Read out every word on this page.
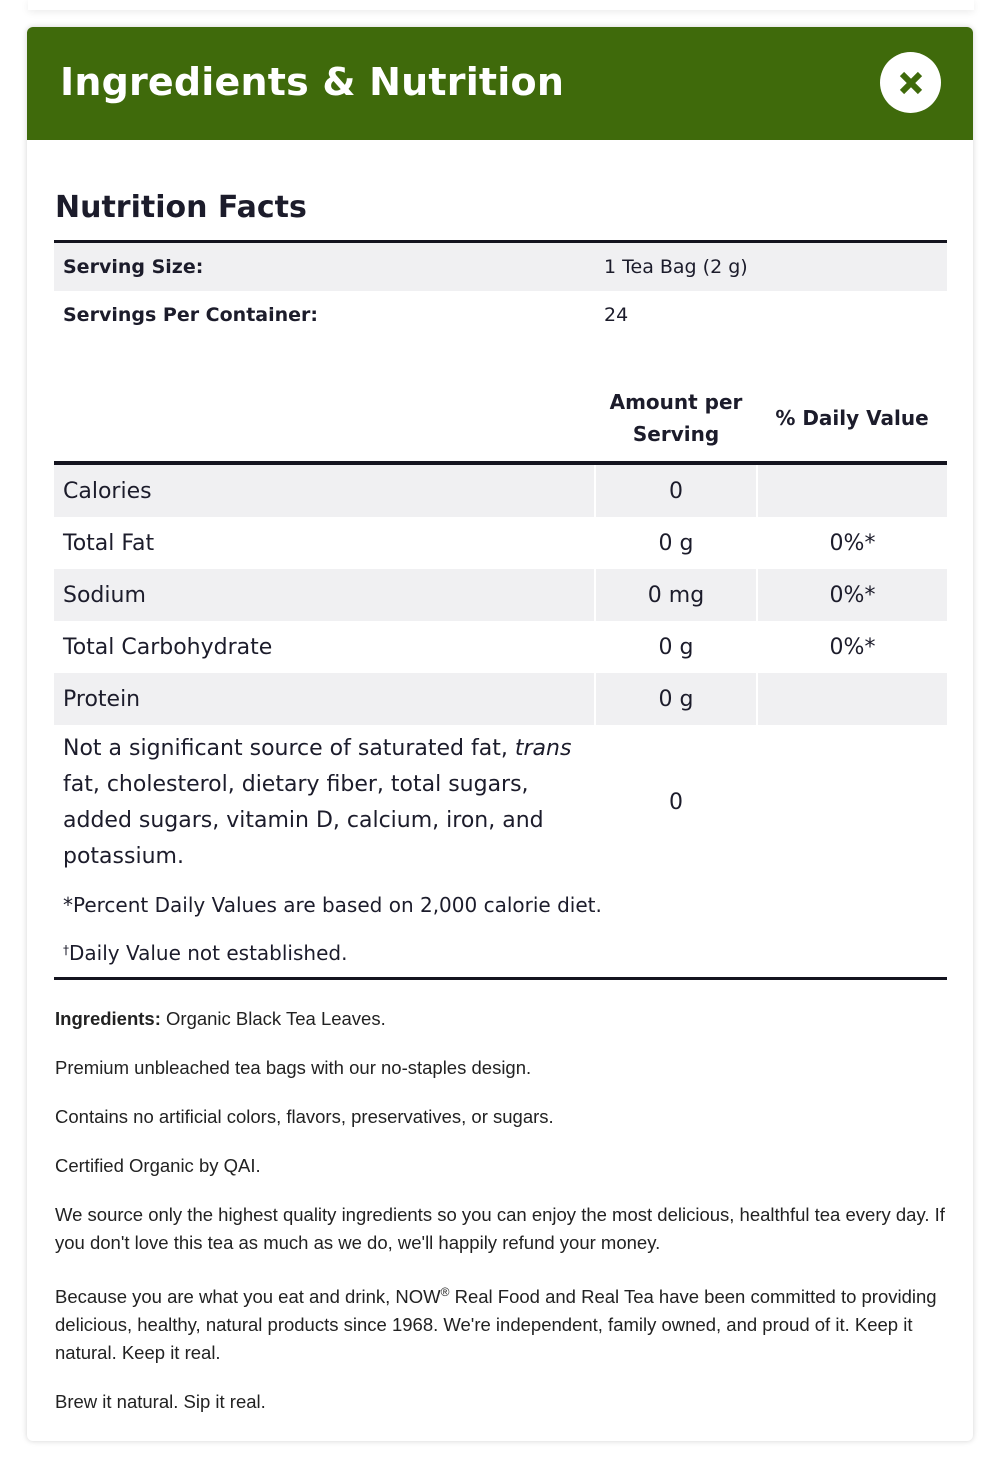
Ingredients & Nutrition
Nutrition Facts
Serving Size:	1 Tea Bag (2 g)	
Servings Per Container:	24	

	Amount per Serving	% Daily Value
Calories	0	
Total Fat	0 g	0%*
Sodium	0 mg	0%*
Total Carbohydrate	0 g	0%*
Protein	0 g	
Not a significant source of saturated fat, trans fat, cholesterol, dietary fiber, total sugars, added sugars, vitamin D, calcium, iron, and potassium.	0	
*Percent Daily Values are based on 2,000 calorie diet.		
†Daily Value not established.		

Ingredients: Organic Black Tea Leaves.

Premium unbleached tea bags with our no-staples design.

Contains no artificial colors, flavors, preservatives, or sugars.

Certified Organic by QAI.

We source only the highest quality ingredients so you can enjoy the most delicious, healthful tea every day. If you don't love this tea as much as we do, we'll happily refund your money.

Because you are what you eat and drink, NOW® Real Food and Real Tea have been committed to providing delicious, healthy, natural products since 1968. We're independent, family owned, and proud of it. Keep it natural. Keep it real.

Brew it natural. Sip it real.
